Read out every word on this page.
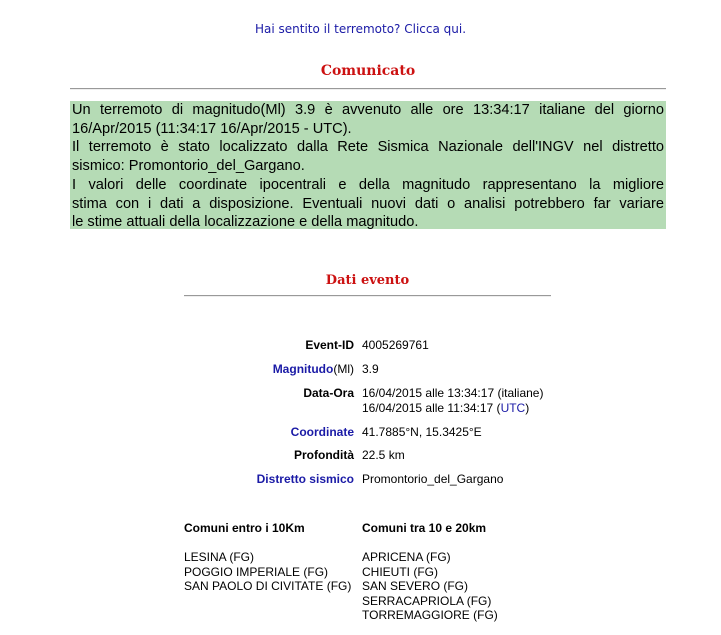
Hai sentito il terremoto? Clicca qui.
Comunicato
Un terremoto di magnitudo(Ml) 3.9 è avvenuto alle ore 13:34:17 italiane del giorno
16/Apr/2015 (11:34:17 16/Apr/2015 - UTC).
Il terremoto è stato localizzato dalla Rete Sismica Nazionale dell'INGV nel distretto
sismico: Promontorio_del_Gargano.
I valori delle coordinate ipocentrali e della magnitudo rappresentano la migliore
stima con i dati a disposizione. Eventuali nuovi dati o analisi potrebbero far variare
le stime attuali della localizzazione e della magnitudo.
Dati evento
Event-ID 4005269761
Magnitudo(Ml) 3.9
Data-Ora 16/04/2015 alle 13:34:17 (italiane)
16/04/2015 alle 11:34:17 (UTC)
Coordinate 41.7885°N, 15.3425°E
Profondità 22.5 km
Distretto sismico Promontorio_del_Gargano
Comuni entro i 10Km	Comuni tra 10 e 20km
LESINA (FG)
POGGIO IMPERIALE (FG)
SAN PAOLO DI CIVITATE (FG)
APRICENA (FG)
CHIEUTI (FG)
SAN SEVERO (FG)
SERRACAPRIOLA (FG)
TORREMAGGIORE (FG)
